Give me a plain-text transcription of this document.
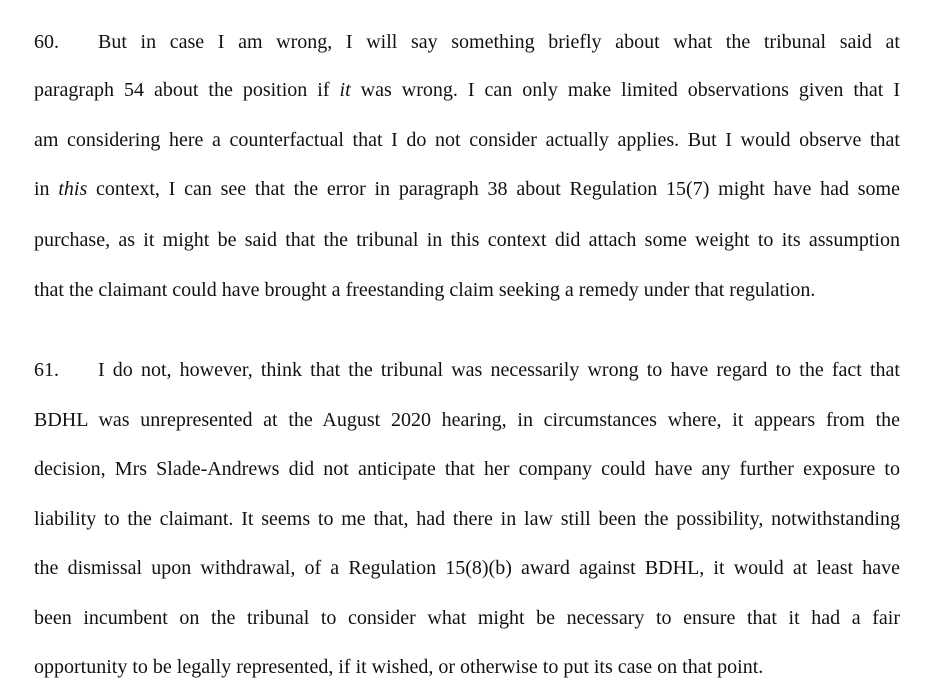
60. But in case I am wrong, I will say something briefly about what the tribunal said at
paragraph 54 about the position if it was wrong. I can only make limited observations given that I
am considering here a counterfactual that I do not consider actually applies. But I would observe that
in this context, I can see that the error in paragraph 38 about Regulation 15(7) might have had some
purchase, as it might be said that the tribunal in this context did attach some weight to its assumption
that the claimant could have brought a freestanding claim seeking a remedy under that regulation.
61. I do not, however, think that the tribunal was necessarily wrong to have regard to the fact that
BDHL was unrepresented at the August 2020 hearing, in circumstances where, it appears from the
decision, Mrs Slade-Andrews did not anticipate that her company could have any further exposure to
liability to the claimant. It seems to me that, had there in law still been the possibility, notwithstanding
the dismissal upon withdrawal, of a Regulation 15(8)(b) award against BDHL, it would at least have
been incumbent on the tribunal to consider what might be necessary to ensure that it had a fair
opportunity to be legally represented, if it wished, or otherwise to put its case on that point.
